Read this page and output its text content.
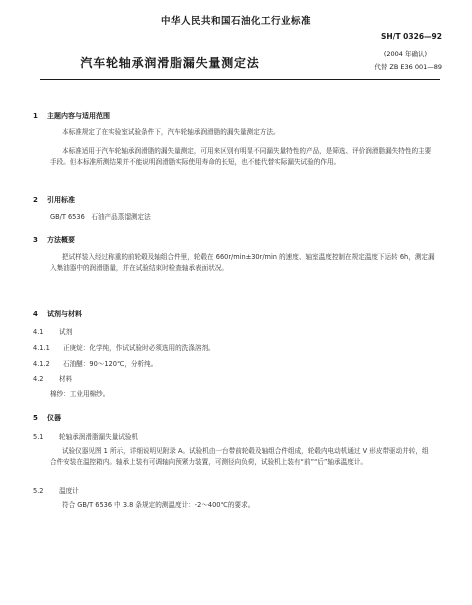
中华人民共和国石油化工行业标准
SH/T 0326—92
汽车轮轴承润滑脂漏失量测定法
(2004 年确认)
代替 ZB E36 001—89
1 主题内容与适用范围
本标准规定了在实验室试验条件下，汽车轮轴承润滑脂的漏失量测定方法。
本标准适用于汽车轮轴承润滑脂的漏失量测定，可用来区别有明显不同漏失量特性的产品，是筛选、评价润滑脂漏失特性的主要手段。但本标准所测结果并不能说明润滑脂实际使用寿命的长短，也不能代替实际漏失试验的作用。
2 引用标准
GB/T 6536　石油产品蒸馏测定法
3 方法概要
把试样装入经过称重的前轮毂及轴组合件里，轮毂在 660r/min±30r/min 的速度、轴室温度控制在规定温度下运转 6h，测定漏入集油器中的润滑脂量，并在试验结束时检查轴承表面状况。
4 试剂与材料
4.1 试剂
4.1.1 正庚烷：化学纯，作试试验时必须选用的洗涤溶剂。
4.1.2 石油醚：90～120℃，分析纯。
4.2 材料
棉纱：工业用棉纱。
5 仪器
5.1 轮轴承润滑脂漏失量试验机
试验仪器见图 1 所示，详细说明见附录 A。试验机由一台带前轮毂及轴组合件组成，轮毂内电动机通过 V 形皮带驱动并转，组合件安装在温控箱内。轴承上装有可调轴向预紧力装置，可测径向负荷，试验机上装有“前”“后”轴承温度计。
5.2 温度计
符合 GB/T 6536 中 3.8 条规定的测温度计：-2～400℃的要求。
